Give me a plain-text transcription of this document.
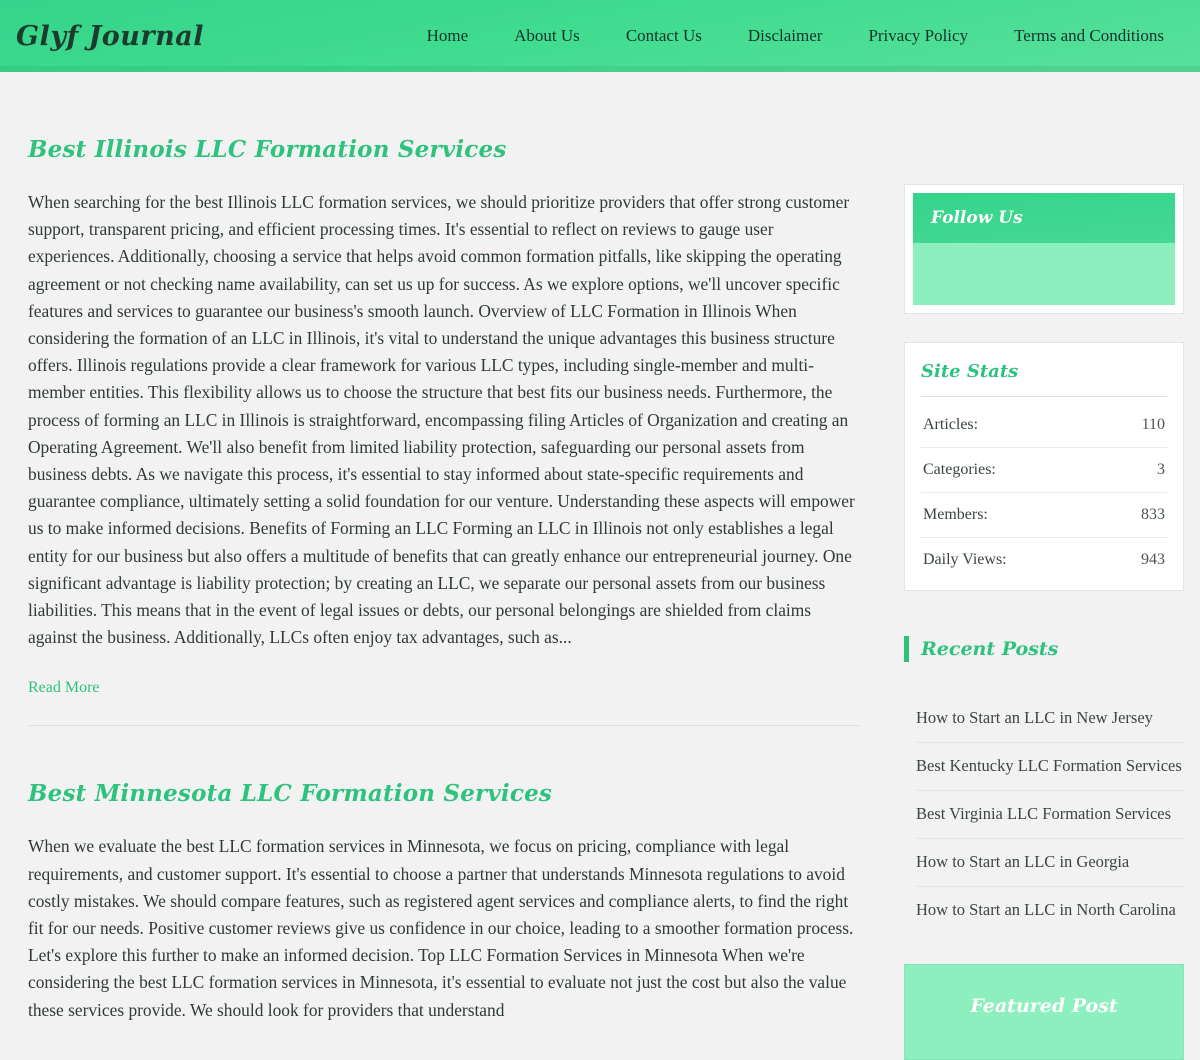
Glyf Journal	Home	About Us	Contact Us	Disclaimer	Privacy Policy	Terms and Conditions
Best Illinois LLC Formation Services

When searching for the best Illinois LLC formation services, we should prioritize providers that offer strong customer support, transparent pricing, and efficient processing times. It's essential to reflect on reviews to gauge user experiences. Additionally, choosing a service that helps avoid common formation pitfalls, like skipping the operating agreement or not checking name availability, can set us up for success. As we explore options, we'll uncover specific features and services to guarantee our business's smooth launch. Overview of LLC Formation in Illinois When considering the formation of an LLC in Illinois, it's vital to understand the unique advantages this business structure offers. Illinois regulations provide a clear framework for various LLC types, including single-member and multi-member entities. This flexibility allows us to choose the structure that best fits our business needs. Furthermore, the process of forming an LLC in Illinois is straightforward, encompassing filing Articles of Organization and creating an Operating Agreement. We'll also benefit from limited liability protection, safeguarding our personal assets from business debts. As we navigate this process, it's essential to stay informed about state-specific requirements and guarantee compliance, ultimately setting a solid foundation for our venture. Understanding these aspects will empower us to make informed decisions. Benefits of Forming an LLC Forming an LLC in Illinois not only establishes a legal entity for our business but also offers a multitude of benefits that can greatly enhance our entrepreneurial journey. One significant advantage is liability protection; by creating an LLC, we separate our personal assets from our business liabilities. This means that in the event of legal issues or debts, our personal belongings are shielded from claims against the business. Additionally, LLCs often enjoy tax advantages, such as...

Read More
Best Minnesota LLC Formation Services

When we evaluate the best LLC formation services in Minnesota, we focus on pricing, compliance with legal requirements, and customer support. It's essential to choose a partner that understands Minnesota regulations to avoid costly mistakes. We should compare features, such as registered agent services and compliance alerts, to find the right fit for our needs. Positive customer reviews give us confidence in our choice, leading to a smoother formation process. Let's explore this further to make an informed decision. Top LLC Formation Services in Minnesota When we're considering the best LLC formation services in Minnesota, it's essential to evaluate not just the cost but also the value these services provide. We should look for providers that understand

Follow Us
Site Stats
Articles:	110
Categories:	3
Members:	833
Daily Views:	943
Recent Posts
How to Start an LLC in New Jersey
Best Kentucky LLC Formation Services
Best Virginia LLC Formation Services
How to Start an LLC in Georgia
How to Start an LLC in North Carolina
Featured Post
